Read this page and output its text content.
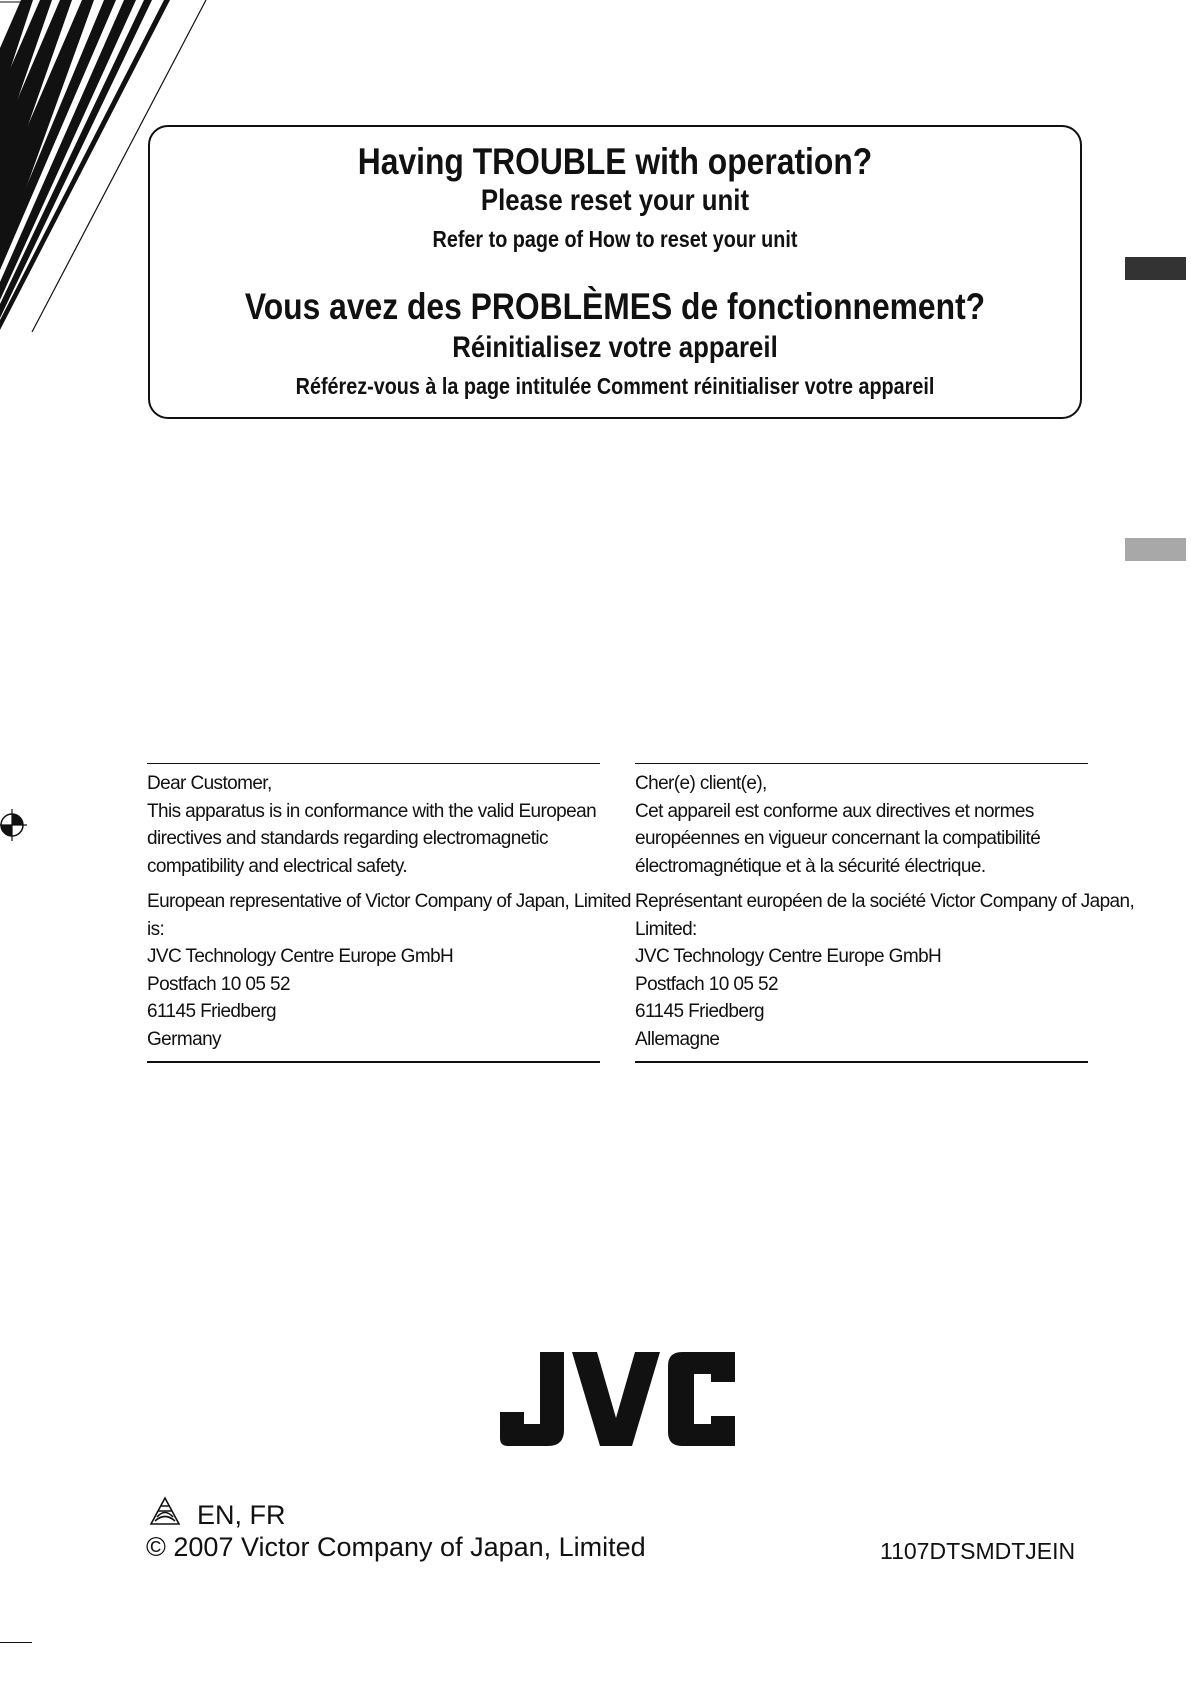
Having TROUBLE with operation?
Please reset your unit
Refer to page of How to reset your unit
Vous avez des PROBLÈMES de fonctionnement?
Réinitialisez votre appareil
Référez-vous à la page intitulée Comment réinitialiser votre appareil

Dear Customer,

This apparatus is in conformance with the valid European

directives and standards regarding electromagnetic

compatibility and electrical safety.

European representative of Victor Company of Japan, Limited

is:

JVC Technology Centre Europe GmbH

Postfach 10 05 52

61145 Friedberg

Germany

Cher(e) client(e),

Cet appareil est conforme aux directives et normes

européennes en vigueur concernant la compatibilité

électromagnétique et à la sécurité électrique.

Représentant européen de la société Victor Company of Japan,

Limited:

JVC Technology Centre Europe GmbH

Postfach 10 05 52

61145 Friedberg

Allemagne

EN, FR
© 2007 Victor Company of Japan, Limited	1107DTSMDTJEIN
